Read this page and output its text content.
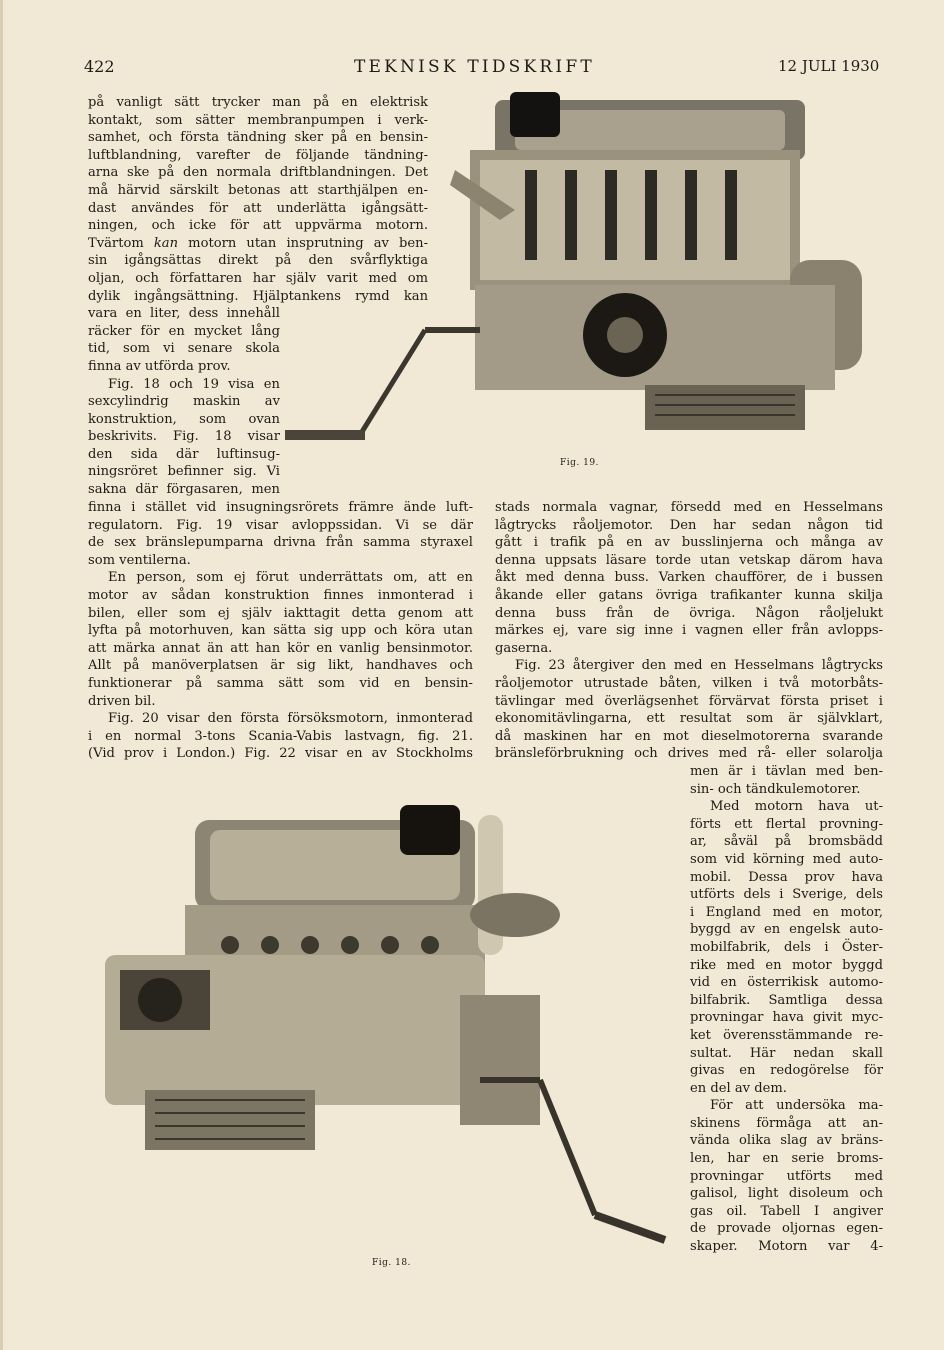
422	TEKNISK TIDSKRIFT	12 JULI 1930
på vanligt sätt trycker man på en elektrisk
kontakt, som sätter membranpumpen i verk-
samhet, och första tändning sker på en bensin-
luftblandning, varefter de följande tändning-
arna ske på den normala driftblandningen. Det
må härvid särskilt betonas att starthjälpen en-
dast användes för att underlätta igångsätt-
ningen, och icke för att uppvärma motorn.
Tvärtom kan motorn utan insprutning av ben-
sin igångsättas direkt på den svårflyktiga
oljan, och författaren har själv varit med om
dylik ingångsättning. Hjälptankens rymd kan
vara en liter, dess innehåll
räcker för en mycket lång
tid, som vi senare skola
finna av utförda prov.
Fig. 18 och 19 visa en
sexcylindrig maskin av
konstruktion, som ovan
beskrivits. Fig. 18 visar
den sida där luftinsug-
ningsröret befinner sig. Vi
sakna där förgasaren, men
finna i stället vid insugningsrörets främre ände luft-
regulatorn. Fig. 19 visar avloppssidan. Vi se där
de sex bränslepumparna drivna från samma styraxel
som ventilerna.
En person, som ej förut underrättats om, att en
motor av sådan konstruktion finnes inmonterad i
bilen, eller som ej själv iakttagit detta genom att
lyfta på motorhuven, kan sätta sig upp och köra utan
att märka annat än att han kör en vanlig bensinmotor.
Allt på manöverplatsen är sig likt, handhaves och
funktionerar på samma sätt som vid en bensin-
driven bil.
Fig. 20 visar den första försöksmotorn, inmonterad
i en normal 3-tons Scania-Vabis lastvagn, fig. 21.
(Vid prov i London.) Fig. 22 visar en av Stockholms
stads normala vagnar, försedd med en Hesselmans
lågtrycks råoljemotor. Den har sedan någon tid
gått i trafik på en av busslinjerna och många av
denna uppsats läsare torde utan vetskap därom hava
åkt med denna buss. Varken chaufförer, de i bussen
åkande eller gatans övriga trafikanter kunna skilja
denna buss från de övriga. Någon råoljelukt
märkes ej, vare sig inne i vagnen eller från avlopps-
gaserna.
Fig. 23 återgiver den med en Hesselmans lågtrycks
råoljemotor utrustade båten, vilken i två motorbåts-
tävlingar med överlägsenhet förvärvat första priset i
ekonomitävlingarna, ett resultat som är självklart,
då maskinen har en mot dieselmotorerna svarande
bränsleförbrukning och drives med rå- eller solarolja
men är i tävlan med ben-
sin- och tändkulemotorer.
Med motorn hava ut-
förts ett flertal provning-
ar, såväl på bromsbädd
som vid körning med auto-
mobil. Dessa prov hava
utförts dels i Sverige, dels
i England med en motor,
byggd av en engelsk auto-
mobilfabrik, dels i Öster-
rike med en motor byggd
vid en österrikisk automo-
bilfabrik. Samtliga dessa
provningar hava givit myc-
ket överensstämmande re-
sultat. Här nedan skall
givas en redogörelse för
en del av dem.
För att undersöka ma-
skinens förmåga att an-
vända olika slag av bräns-
len, har en serie broms-
provningar utförts med
galisol, light disoleum och
gas oil. Tabell I angiver
de provade oljornas egen-
skaper. Motorn var 4-
Fig. 19.
Fig. 18.
